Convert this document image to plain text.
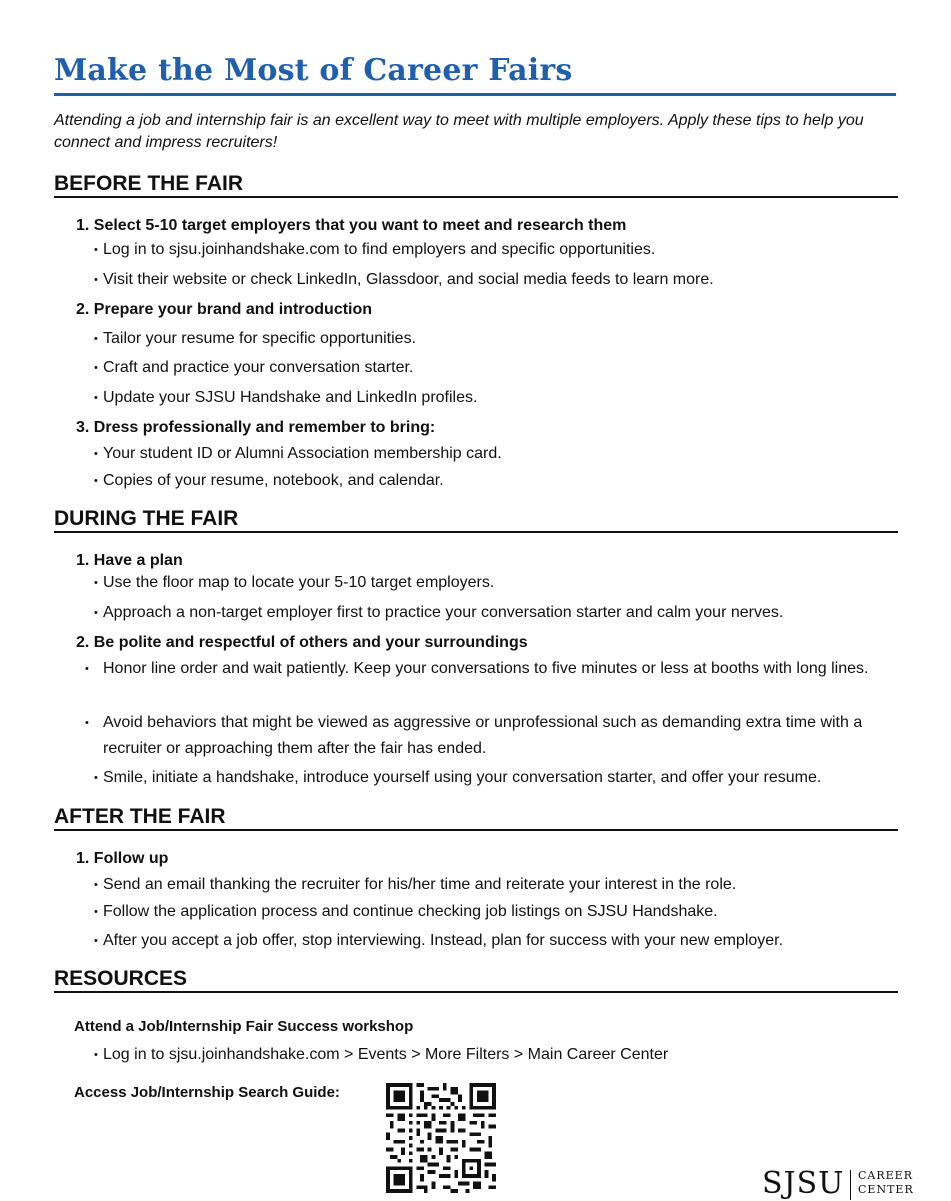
Make the Most of Career Fairs

Attending a job and internship fair is an excellent way to meet with multiple employers. Apply these tips to help you connect and impress recruiters!

BEFORE THE FAIR
1. Select 5-10 target employers that you want to meet and research them
• Log in to sjsu.joinhandshake.com to find employers and specific opportunities.
• Visit their website or check LinkedIn, Glassdoor, and social media feeds to learn more.
2. Prepare your brand and introduction
• Tailor your resume for specific opportunities.
• Craft and practice your conversation starter.
• Update your SJSU Handshake and LinkedIn profiles.
3. Dress professionally and remember to bring:
• Your student ID or Alumni Association membership card.
• Copies of your resume, notebook, and calendar.
DURING THE FAIR
1. Have a plan
• Use the floor map to locate your 5-10 target employers.
• Approach a non-target employer first to practice your conversation starter and calm your nerves.
2. Be polite and respectful of others and your surroundings
• Honor line order and wait patiently. Keep your conversations to five minutes or less at booths with long lines.
• Avoid behaviors that might be viewed as aggressive or unprofessional such as demanding extra time with a recruiter or approaching them after the fair has ended.
• Smile, initiate a handshake, introduce yourself using your conversation starter, and offer your resume.
AFTER THE FAIR
1. Follow up
• Send an email thanking the recruiter for his/her time and reiterate your interest in the role.
• Follow the application process and continue checking job listings on SJSU Handshake.
• After you accept a job offer, stop interviewing. Instead, plan for success with your new employer.
RESOURCES
Attend a Job/Internship Fair Success workshop
• Log in to sjsu.joinhandshake.com > Events > More Filters > Main Career Center
Access Job/Internship Search Guide:
SJSU CAREER
CENTER
